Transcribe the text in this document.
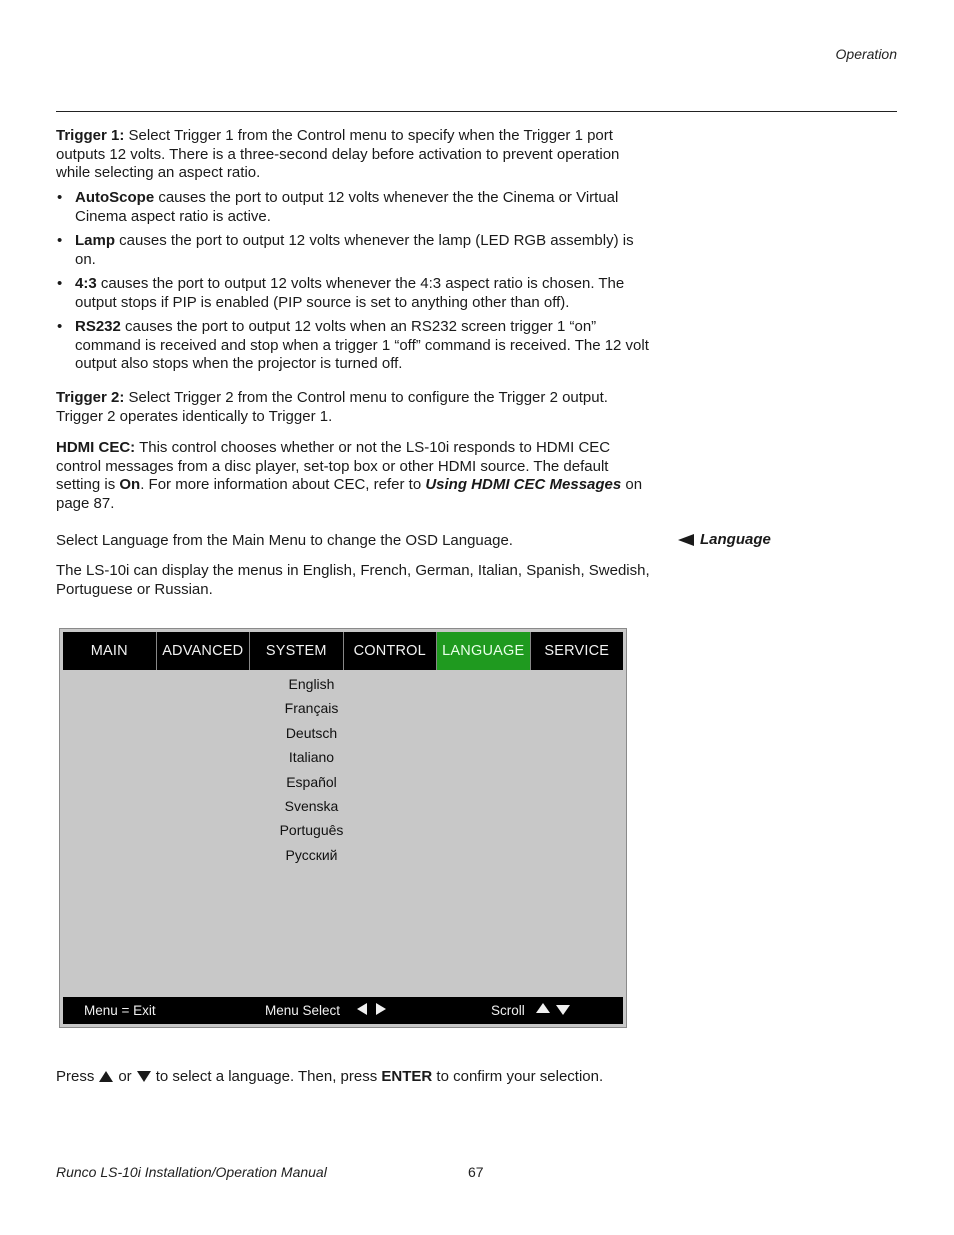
Operation

Trigger 1: Select Trigger 1 from the Control menu to specify when the Trigger 1 port outputs 12 volts. There is a three-second delay before activation to prevent operation while selecting an aspect ratio.

• AutoScope causes the port to output 12 volts whenever the the Cinema or Virtual Cinema aspect ratio is active.
• Lamp causes the port to output 12 volts whenever the lamp (LED RGB assembly) is on.
• 4:3 causes the port to output 12 volts whenever the 4:3 aspect ratio is chosen. The output stops if PIP is enabled (PIP source is set to anything other than off).
• RS232 causes the port to output 12 volts when an RS232 screen trigger 1 “on” command is received and stop when a trigger 1 “off” command is received. The 12 volt output also stops when the projector is turned off.

Trigger 2: Select Trigger 2 from the Control menu to configure the Trigger 2 output. Trigger 2 operates identically to Trigger 1.

HDMI CEC: This control chooses whether or not the LS-10i responds to HDMI CEC control messages from a disc player, set-top box or other HDMI source. The default setting is On. For more information about CEC, refer to Using HDMI CEC Messages on page 87.

Language

Select Language from the Main Menu to change the OSD Language.

The LS-10i can display the menus in English, French, German, Italian, Spanish, Swedish, Portuguese or Russian.

MAIN	ADVANCED	SYSTEM	CONTROL	LANGUAGE	SERVICE
English
Français
Deutsch
Italiano
Español
Svenska
Português
Русский
Menu = Exit	Menu Select	Scroll
Press or to select a language. Then, press
ENTER
to confirm your selection.
Runco LS-10i Installation/Operation Manual	67
